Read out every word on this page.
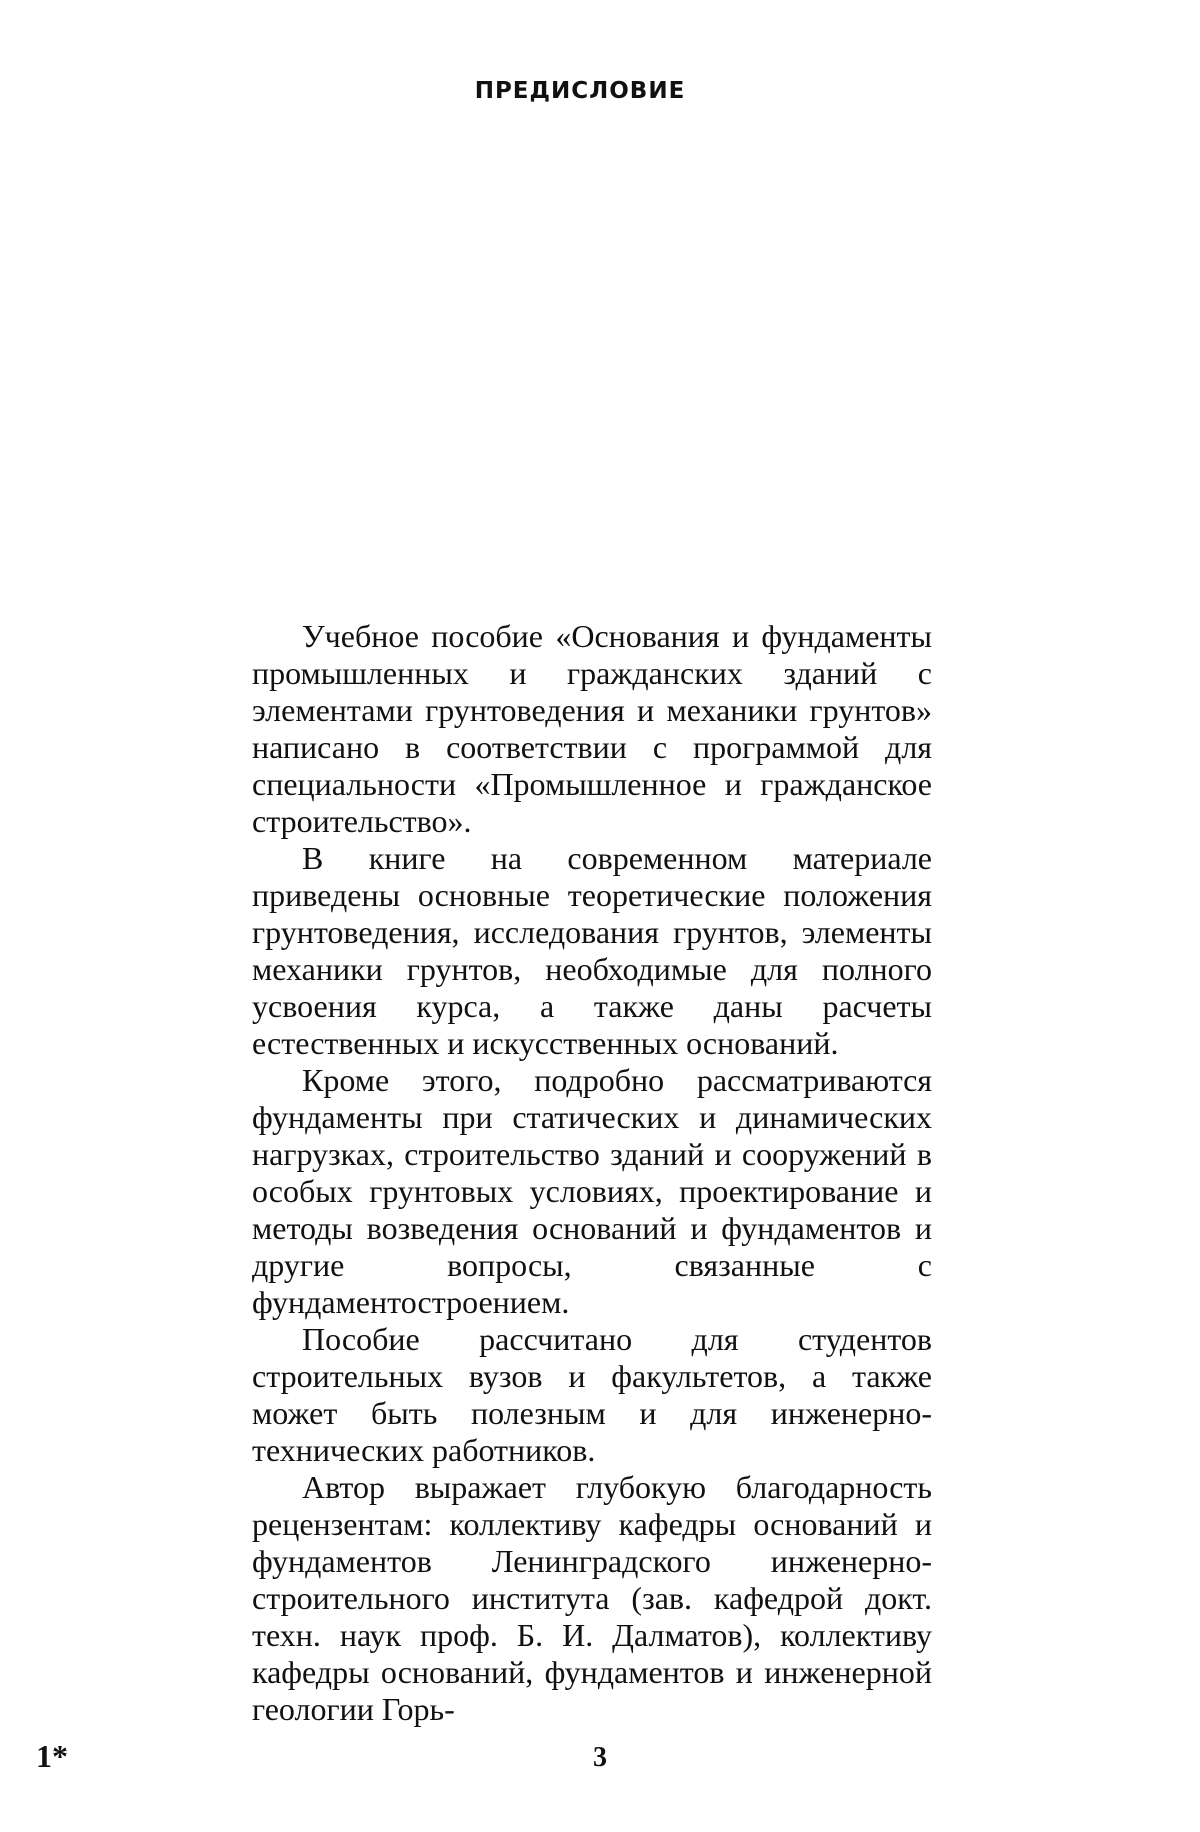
ПРЕДИСЛОВИЕ

Учебное пособие «Основания и фундаменты промышленных и гражданских зданий с элементами грунтоведения и механики грунтов» написано в соответствии с программой для специальности «Промышленное и гражданское строительство».

В книге на современном материале приведены основные теоретические положения грунтоведения, исследования грунтов, элементы механики грунтов, необходимые для полного усвоения курса, а также даны расчеты естественных и искусственных оснований.

Кроме этого, подробно рассматриваются фундаменты при статических и динамических нагрузках, строительство зданий и сооружений в особых грунтовых условиях, проектирование и методы возведения оснований и фундаментов и другие вопросы, связанные с фундаментостроением.

Пособие рассчитано для студентов строительных вузов и факультетов, а также может быть полезным и для инженерно-технических работников.

Автор выражает глубокую благодарность рецензентам: коллективу кафедры оснований и фундаментов Ленинградского инженерно-строительного института (зав. кафедрой докт. техн. наук проф. Б. И. Далматов), коллективу кафедры оснований, фундаментов и инженерной геологии Горь-

1*	3
